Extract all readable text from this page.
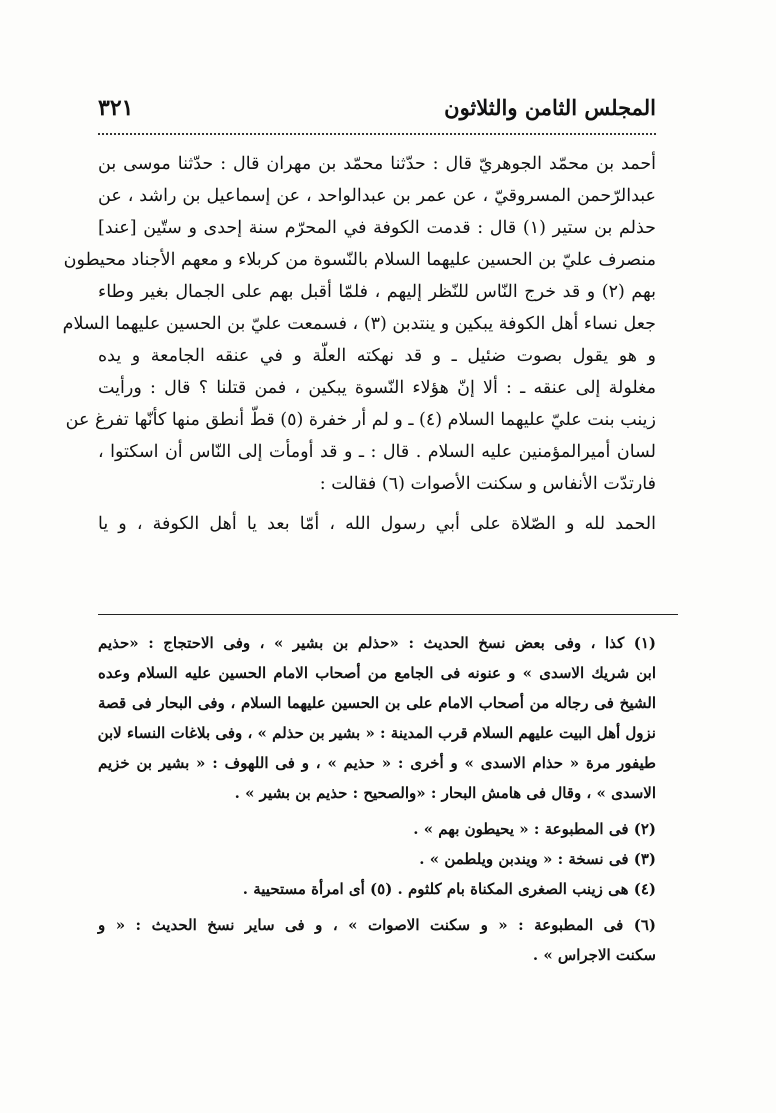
المجلس الثامن والثلاثون
٣٢١
أحمد بن محمّد الجوهريّ قال : حدّثنا محمّد بن مهران قال : حدّثنا موسى بن
عبدالرّحمن المسروقيّ ، عن عمر بن عبدالواحد ، عن إسماعيل بن راشد ، عن
حذلم بن ستير (١) قال : قدمت الكوفة في المحرّم سنة إحدى و ستّين [عند]
منصرف عليّ بن الحسين عليهما السلام بالنّسوة من كربلاء و معهم الأجناد محيطون
بهم (٢) و قد خرج النّاس للنّظر إليهم ، فلمّا أقبل بهم على الجمال بغير وطاء
جعل نساء أهل الكوفة يبكين و ينتدبن (٣) ، فسمعت عليّ بن الحسين عليهما السلام
و هو يقول بصوت ضئيل ـ و قد نهكته العلّة و في عنقه الجامعة و يده
مغلولة إلى عنقه ـ : ألا إنّ هؤلاء النّسوة يبكين ، فمن قتلنا ؟ قال : ورأيت
زينب بنت عليّ عليهما السلام (٤) ـ و لم أر خفرة (٥) قطّ أنطق منها كأنّها تفرغ عن
لسان أميرالمؤمنين عليه السلام . قال : ـ و قد أومأت إلى النّاس أن اسكتوا ،
فارتدّت الأنفاس و سكنت الأصوات (٦) فقالت :
الحمد لله و الصّلاة على أبي رسول الله ، أمّا بعد يا أهل الكوفة ، و يا
(١) كذا ، وفى بعض نسخ الحديث : «حذلم بن بشير » ، وفى الاحتجاج : «حذيم
ابن شريك الاسدى » و عنونه فى الجامع من أصحاب الامام الحسين عليه السلام وعده
الشيخ فى رجاله من أصحاب الامام على بن الحسين عليهما السلام ، وفى البحار فى قصة
نزول أهل البيت عليهم السلام قرب المدينة : « بشير بن حذلم » ، وفى بلاغات النساء لابن
طيفور مرة « حذام الاسدى » و أخرى : « حذيم » ، و فى اللهوف : « بشير بن خزيم
الاسدى » ، وقال فى هامش البحار : «والصحيح : حذيم بن بشير » .
(٢) فى المطبوعة : « يحيطون بهم » .
(٣) فى نسخة : « ويندبن ويلطمن » .
(٤) هى زينب الصغرى المكناة بام كلثوم . (٥) أى امرأة مستحيية .
(٦) فى المطبوعة : « و سكنت الاصوات » ، و فى ساير نسخ الحديث : « و
سكنت الاجراس » .
